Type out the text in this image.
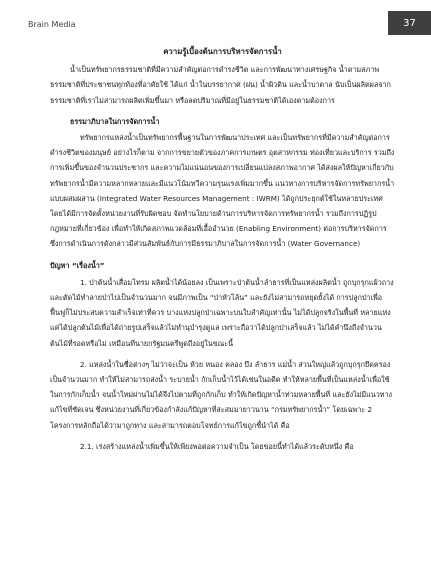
Brain Media	37

ความรู้เบื้องต้นการบริหารจัดการน้ำ

น้ำเป็นทรัพยากรธรรมชาติที่มีความสำคัญต่อการดำรงชีวิต และการพัฒนาทางเศรษฐกิจ น้ำตามสภาพธรรมชาติที่ประชาชนทุกท้องที่อาศัยใช้ ได้แก่ น้ำในบรรยากาศ (ฝน) น้ำผิวดิน และน้ำบาดาล นับเป็นผลิตผลจากธรรมชาติที่เราไม่สามารถผลิตเพิ่มขึ้นมา หรือลดปริมาณที่มีอยู่ในธรรมชาติได้เองตามต้องการ

ธรรมาภิบาลในการจัดการน้ำ

ทรัพยากรแหล่งน้ำเป็นทรัพยากรพื้นฐานในการพัฒนาประเทศ และเป็นทรัพยากรที่มีความสำคัญต่อการดำรงชีวิตของมนุษย์ อย่างไรก็ตาม จากการขยายตัวของภาคการเกษตร อุตสาหกรรม ท่องเที่ยวและบริการ รวมถึงการเพิ่มขึ้นของจำนวนประชากร และความไม่แน่นอนของการเปลี่ยนแปลงสภาพอากาศ ได้ส่งผลให้ปัญหาเกี่ยวกับทรัพยากรน้ำมีความหลากหลายและมีแนวโน้มทวีความรุนแรงเพิ่มมากขึ้น แนวทางการบริหารจัดการทรัพยากรน้ำแบบผสมผสาน (Integrated Water Resources Management : IWRM) ได้ถูกประยุกต์ใช้ในหลายประเทศ โดยได้มีการจัดตั้งหน่วยงานที่รับผิดชอบ จัดทำนโยบายด้านการบริหารจัดการทรัพยากรน้ำ รวมถึงการปฏิรูปกฎหมายที่เกี่ยวข้อง เพื่อทำให้เกิดสภาพแวดล้อมที่เอื้ออำนวย (Enabling Environment) ต่อการบริหารจัดการ ซึ่งการดำเนินการดังกล่าวมีส่วนสัมพันธ์กับการมีธรรมาภิบาลในการจัดการน้ำ (Water Governance)

ปัญหา “เรื่องน้ำ”

1. ป่าต้นน้ำเสื่อมโทรม ผลิตน้ำได้น้อยลง เป็นเพราะป่าต้นน้ำลำธารที่เป็นแหล่งผลิตน้ำ ถูกบุกรุกแผ้วถางและตัดไม้ทำลายป่าไปเป็นจำนวนมาก จนมีภาพเป็น “ป่าหัวโล้น” และยังไม่สามารถหยุดยั้งได้ การปลูกป่าเพื่อฟื้นฟูก็ไม่ประสบความสำเร็จเท่าที่ควร บางแห่งปลูกป่าเฉพาะบนใบสำคัญเท่านั้น ไม่ได้ปลูกจริงในพื้นที่ หลายแห่งแค่ได้ปลูกต้นไม้เพื่อได้ถ่ายรูปเสร็จแล้วไม่ทำนุบำรุงดูแล เพราะถือว่าได้ปลูกป่าเสร็จแล้ว ไม่ได้คำนึงถึงจำนวนต้นไม้ที่รอดหรือไม่ เหมือนที่นายกรัฐมนตรีพูดถึงอยู่ในขณะนี้

2. แหล่งน้ำในชื่อต่างๆ ไม่ว่าจะเป็น ห้วย หนอง คลอง บึง ลำธาร แม่น้ำ ส่วนใหญ่แล้วถูกบุกรุกยึดครองเป็นจำนวนมาก ทำให้ไม่สามารถส่งน้ำ ระบายน้ำ กักเก็บน้ำไว้ได้เช่นในอดีต ทำให้หลายพื้นที่เป็นแหล่งน้ำเพื่อใช้ในการกักเก็บน้ำ จนน้ำใหม่ผ่านไม่ได้จึงไปตามที่ถูกกักเก็บ ทำให้เกิดปัญหาน้ำท่วมหลายพื้นที่ และยังไม่มีแนวทางแก้ไขที่ชัดเจน ซึ่งหน่วยงานที่เกี่ยวข้องกำลังแก้ปัญหาที่สะสมมายาวนาน “กรมทรัพยากรน้ำ” โดยเฉพาะ 2 โครงการหลักถือได้ว่ามาถูกทาง และสามารถตอบโจทย์การแก้ไขถูกชี้นำได้ คือ

2.1. เร่งสร้างแหล่งน้ำเพิ่มขึ้นให้เพียงพอต่อความจำเป็น โดยขอยนี้ทำได้แล้วระดับหนึ่ง คือ
